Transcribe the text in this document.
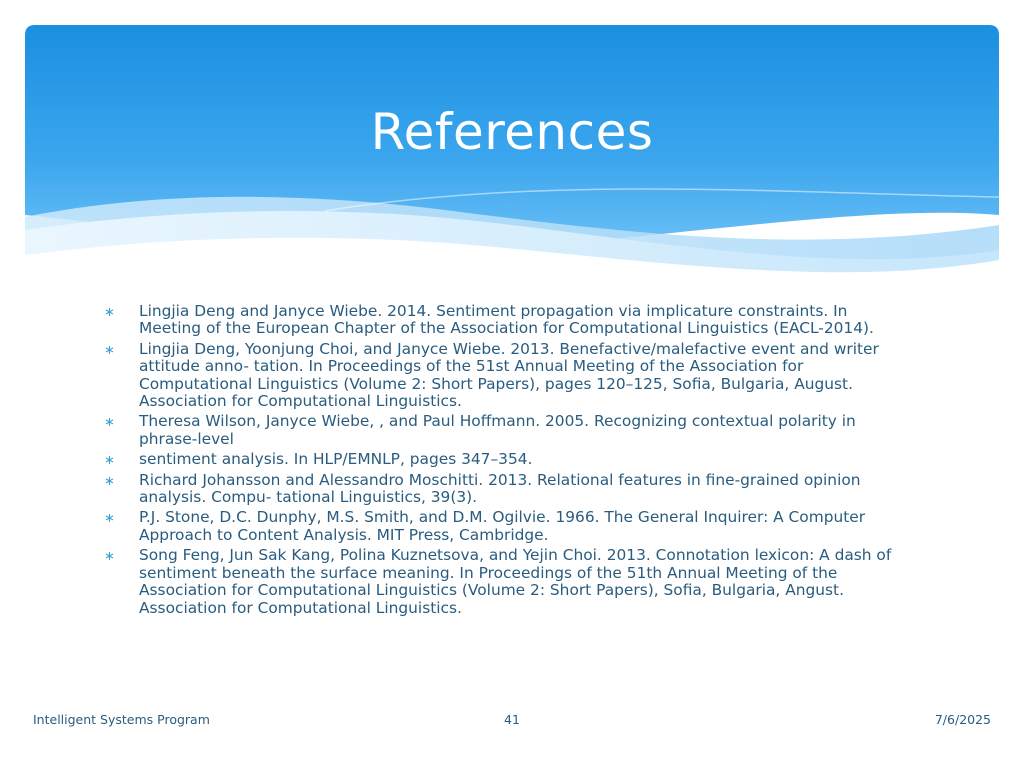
References
∗ Lingjia Deng and Janyce Wiebe. 2014. Sentiment propagation via implicature constraints. In Meeting of the European Chapter of the Association for Computational Linguistics (EACL-2014).
∗ Lingjia Deng, Yoonjung Choi, and Janyce Wiebe. 2013. Benefactive/malefactive event and writer attitude anno- tation. In Proceedings of the 51st Annual Meeting of the Association for Computational Linguistics (Volume 2: Short Papers), pages 120–125, Sofia, Bulgaria, August. Association for Computational Linguistics.
∗ Theresa Wilson, Janyce Wiebe, , and Paul Hoffmann. 2005. Recognizing contextual polarity in phrase-level
∗ sentiment analysis. In HLP/EMNLP, pages 347–354.
∗ Richard Johansson and Alessandro Moschitti. 2013. Relational features in fine-grained opinion analysis. Compu- tational Linguistics, 39(3).
∗ P.J. Stone, D.C. Dunphy, M.S. Smith, and D.M. Ogilvie. 1966. The General Inquirer: A Computer Approach to Content Analysis. MIT Press, Cambridge.
∗ Song Feng, Jun Sak Kang, Polina Kuznetsova, and Yejin Choi. 2013. Connotation lexicon: A dash of sentiment beneath the surface meaning. In Proceedings of the 51th Annual Meeting of the Association for Computational Linguistics (Volume 2: Short Papers), Sofia, Bulgaria, Angust. Association for Computational Linguistics.
Intelligent Systems Program	41	7/6/2025
